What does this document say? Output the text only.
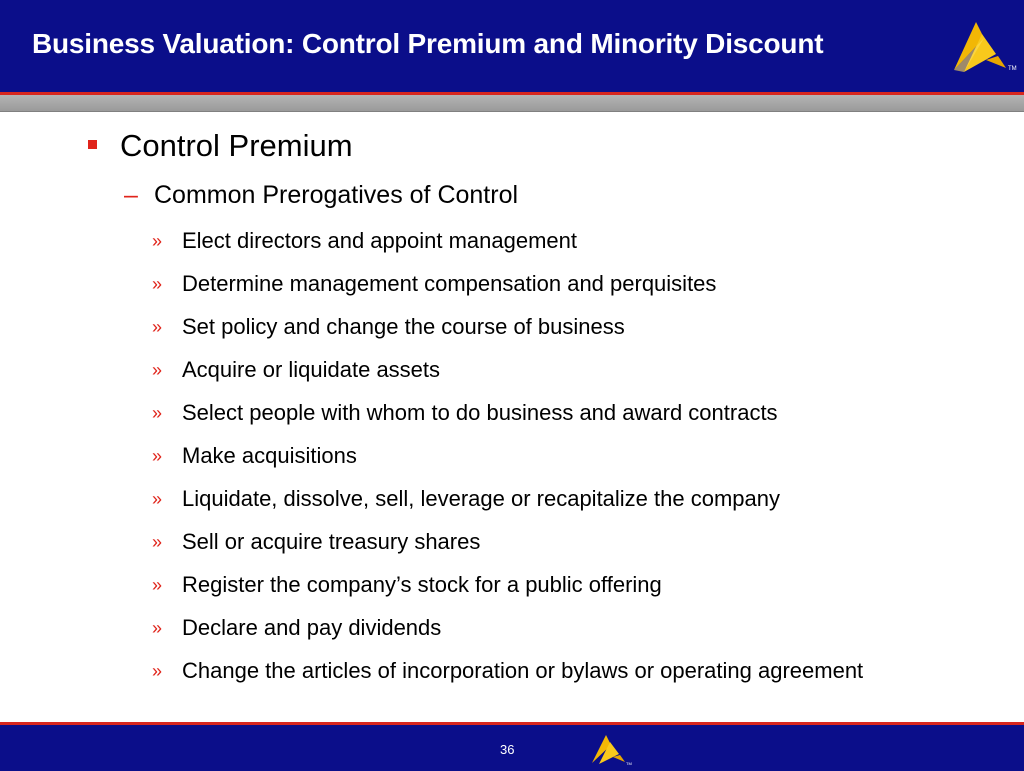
Business Valuation: Control Premium and Minority Discount
TM
Control Premium
– Common Prerogatives of Control
» Elect directors and appoint management
» Determine management compensation and perquisites
» Set policy and change the course of business
» Acquire or liquidate assets
» Select people with whom to do business and award contracts
» Make acquisitions
» Liquidate, dissolve, sell, leverage or recapitalize the company
» Sell or acquire treasury shares
» Register the company’s stock for a public offering
» Declare and pay dividends
» Change the articles of incorporation or bylaws or operating agreement
36
TM
